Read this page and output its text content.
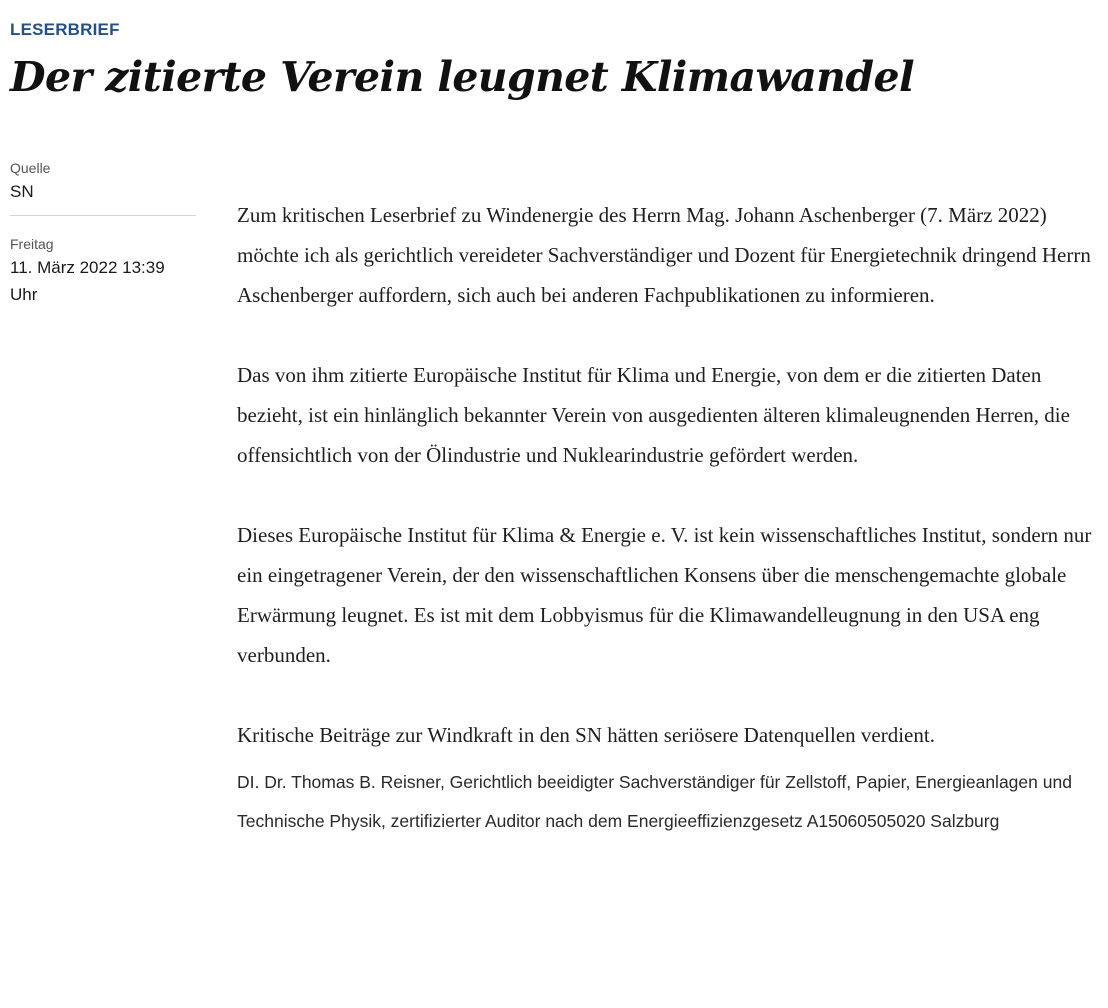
LESERBRIEF
Der zitierte Verein leugnet Klimawandel
Quelle
SN
Freitag
11. März 2022 13:39 Uhr

Zum kritischen Leserbrief zu Windenergie des Herrn Mag. Johann Aschenberger (7. März 2022) möchte ich als gerichtlich vereideter Sachverständiger und Dozent für Energietechnik dringend Herrn Aschenberger auffordern, sich auch bei anderen Fachpublikationen zu informieren.

Das von ihm zitierte Europäische Institut für Klima und Energie, von dem er die zitierten Daten bezieht, ist ein hinlänglich bekannter Verein von ausgedienten älteren klimaleugnenden Herren, die offensichtlich von der Ölindustrie und Nuklearindustrie gefördert werden.

Dieses Europäische Institut für Klima & Energie e. V. ist kein wissenschaftliches Institut, sondern nur ein eingetragener Verein, der den wissenschaftlichen Konsens über die menschengemachte globale Erwärmung leugnet. Es ist mit dem Lobbyismus für die Klimawandelleugnung in den USA eng verbunden.

Kritische Beiträge zur Windkraft in den SN hätten seriösere Datenquellen verdient.

DI. Dr. Thomas B. Reisner, Gerichtlich beeidigter Sachverständiger für Zellstoff, Papier, Energieanlagen und Technische Physik, zertifizierter Auditor nach dem Energieeffizienzgesetz A15060505020 Salzburg
